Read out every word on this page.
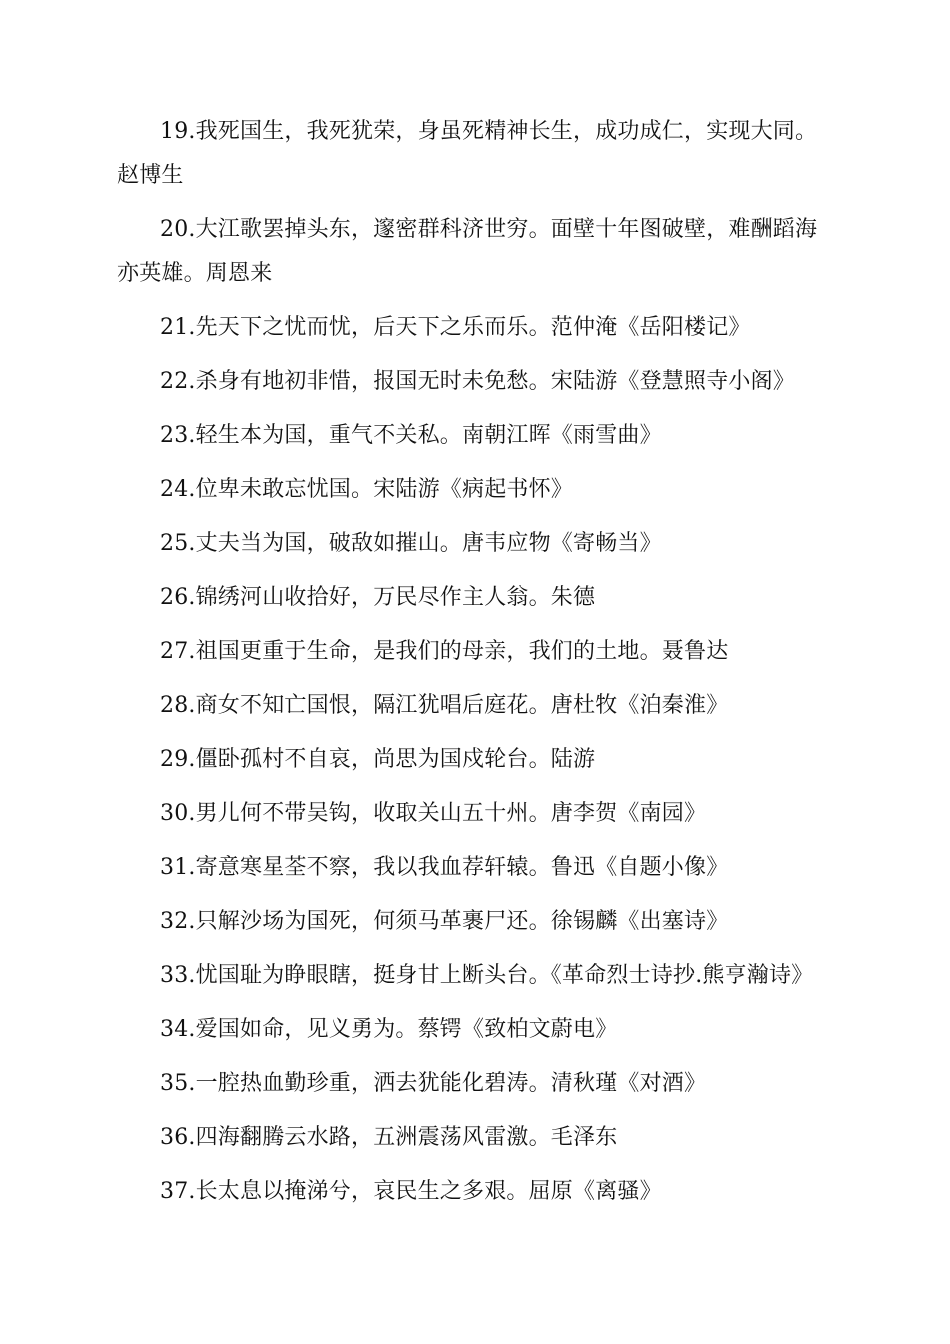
19.我死国生，我死犹荣，身虽死精神长生，成功成仁，实现大同。赵博生

20.大江歌罢掉头东，邃密群科济世穷。面壁十年图破壁，难酬蹈海亦英雄。周恩来

21.先天下之忧而忧，后天下之乐而乐。范仲淹《岳阳楼记》

22.杀身有地初非惜，报国无时未免愁。宋陆游《登慧照寺小阁》

23.轻生本为国，重气不关私。南朝江晖《雨雪曲》

24.位卑未敢忘忧国。宋陆游《病起书怀》

25.丈夫当为国，破敌如摧山。唐韦应物《寄畅当》

26.锦绣河山收拾好，万民尽作主人翁。朱德

27.祖国更重于生命，是我们的母亲，我们的土地。聂鲁达

28.商女不知亡国恨，隔江犹唱后庭花。唐杜牧《泊秦淮》

29.僵卧孤村不自哀，尚思为国戍轮台。陆游

30.男儿何不带吴钩，收取关山五十州。唐李贺《南园》

31.寄意寒星荃不察，我以我血荐轩辕。鲁迅《自题小像》

32.只解沙场为国死，何须马革裹尸还。徐锡麟《出塞诗》

33.忧国耻为睁眼瞎，挺身甘上断头台。《革命烈士诗抄.熊亨瀚诗》

34.爱国如命，见义勇为。蔡锷《致柏文蔚电》

35.一腔热血勤珍重，洒去犹能化碧涛。清秋瑾《对酒》

36.四海翻腾云水路，五洲震荡风雷激。毛泽东

37.长太息以掩涕兮，哀民生之多艰。屈原《离骚》
